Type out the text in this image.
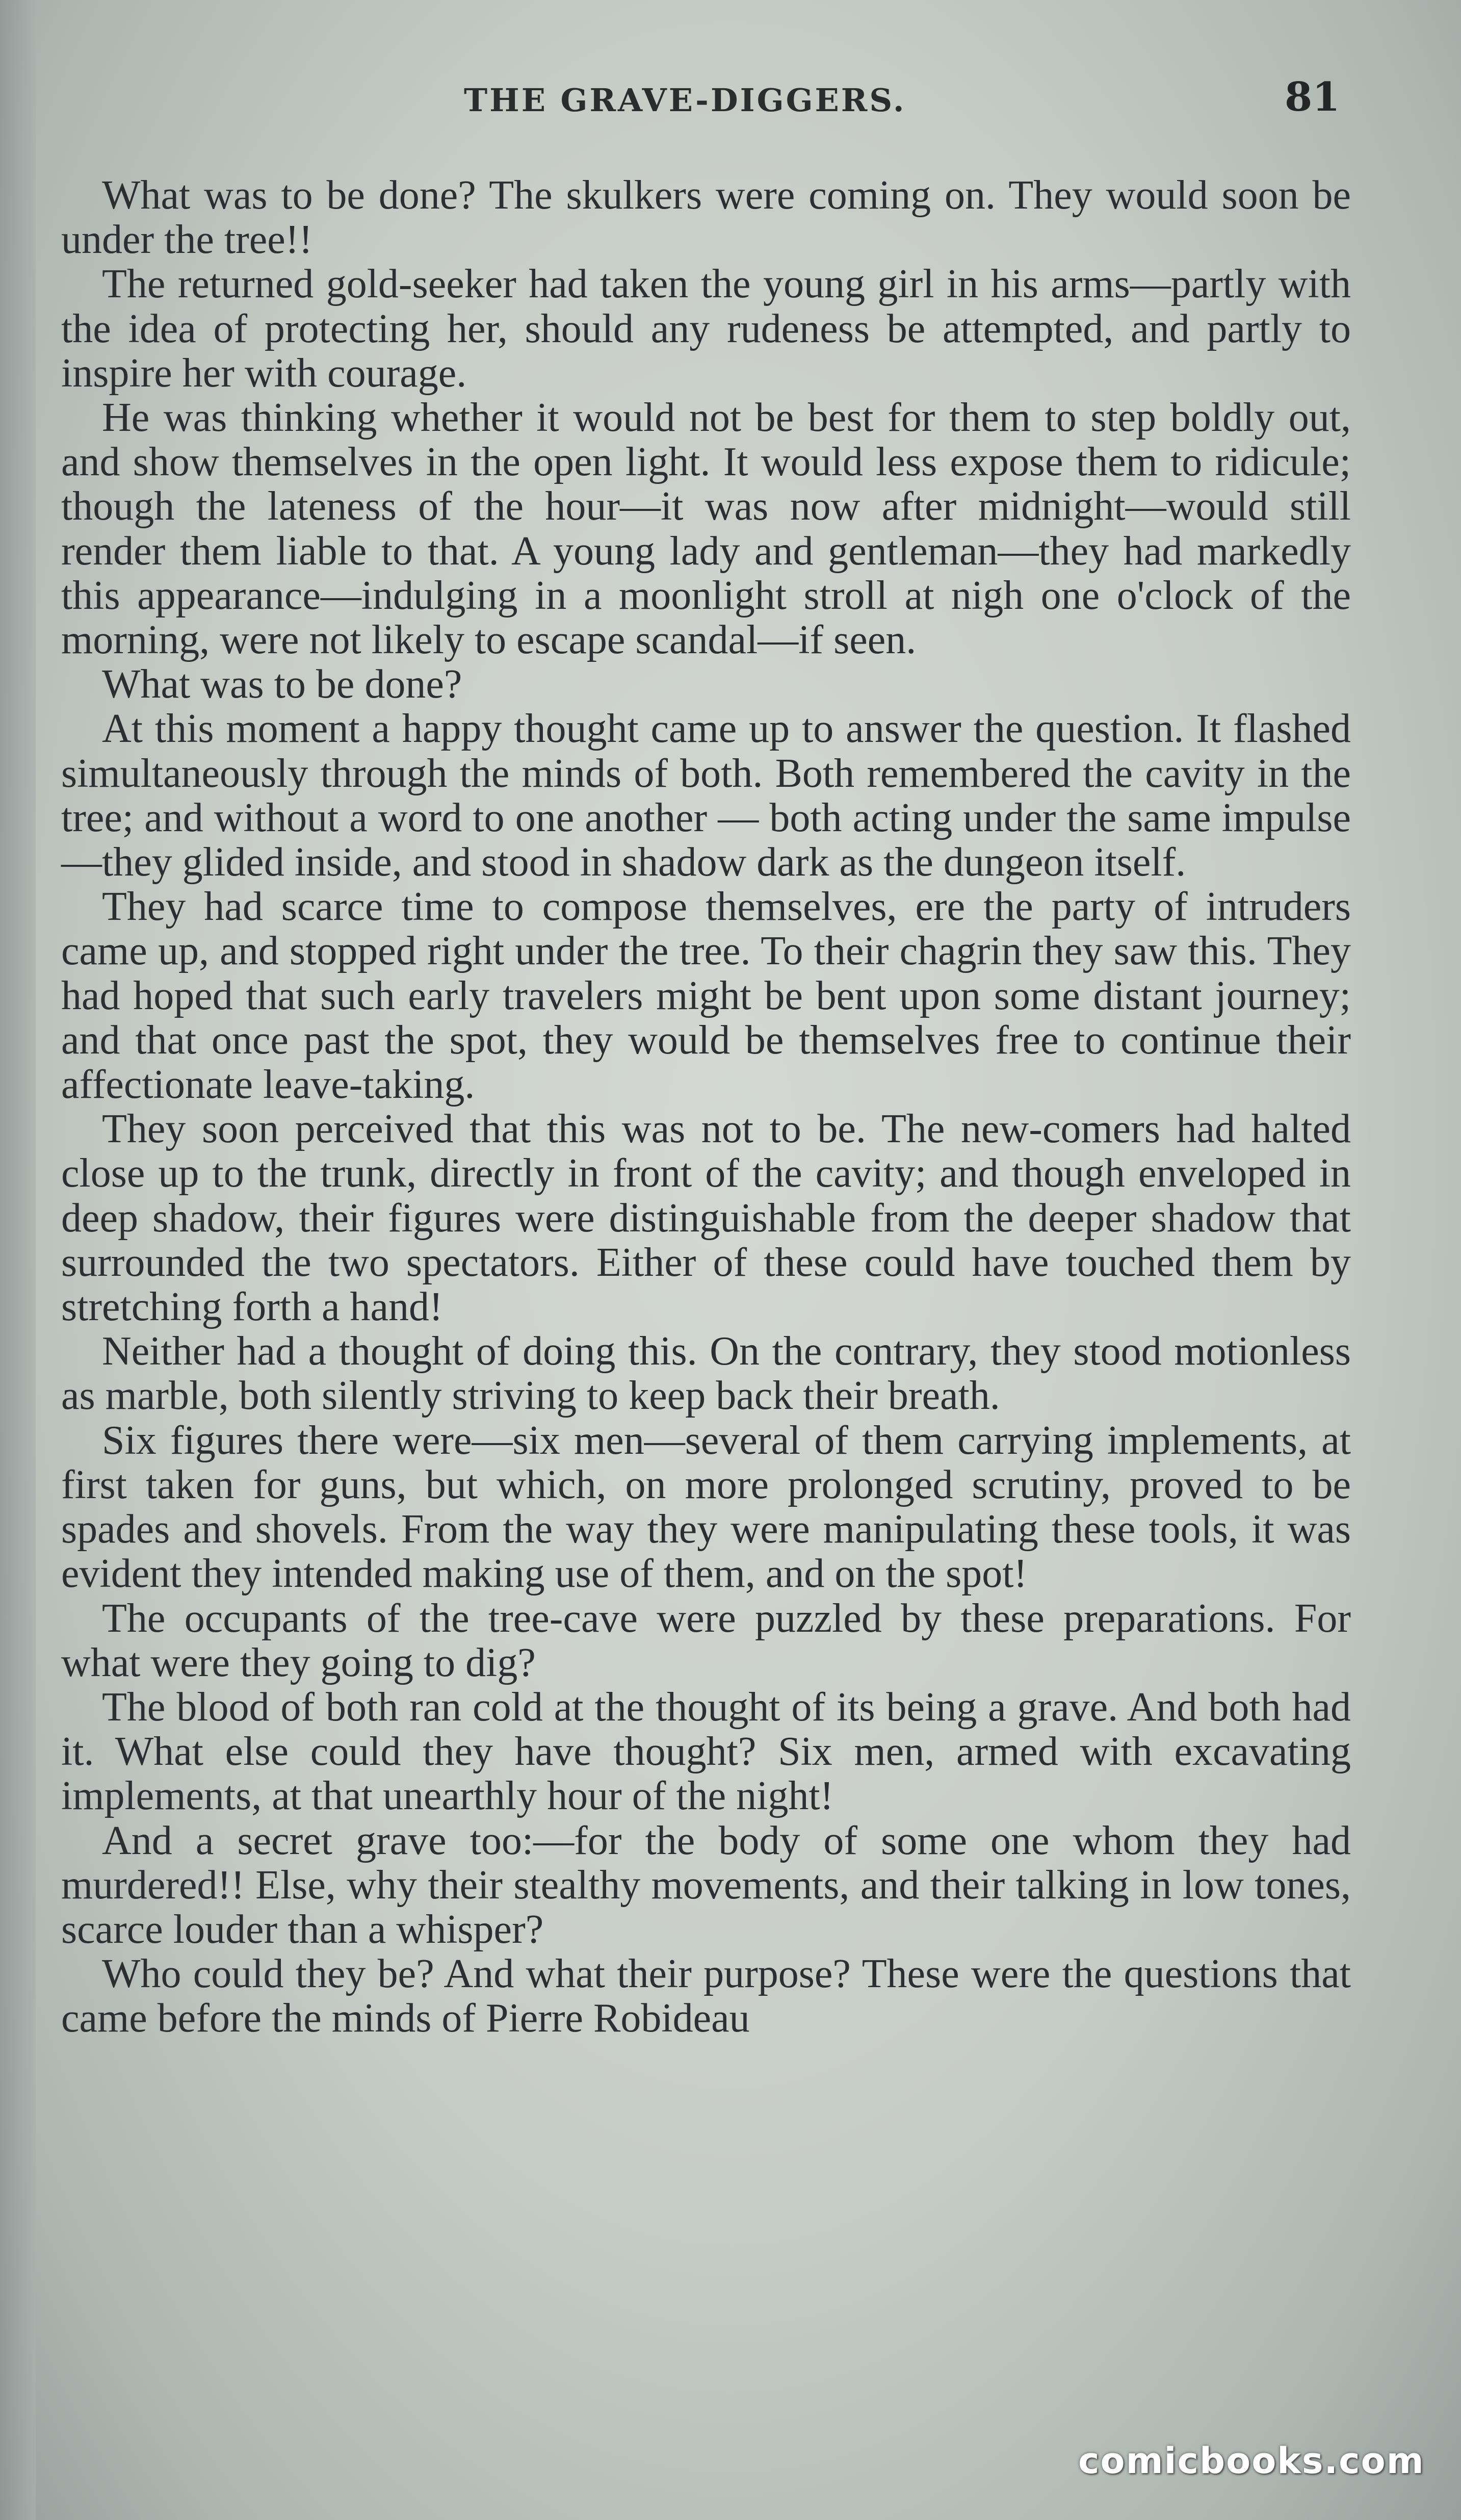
THE GRAVE-DIGGERS.	81

What was to be done? The skulkers were coming on. They would soon be under the tree!!

The returned gold-seeker had taken the young girl in his arms—partly with the idea of protecting her, should any rudeness be attempted, and partly to inspire her with courage.

He was thinking whether it would not be best for them to step boldly out, and show themselves in the open light. It would less expose them to ridicule; though the lateness of the hour—it was now after midnight—would still render them liable to that. A young lady and gentleman—they had markedly this appearance—indulging in a moonlight stroll at nigh one o'clock of the morning, were not likely to escape scandal—if seen.

What was to be done?

At this moment a happy thought came up to answer the question. It flashed simultaneously through the minds of both. Both remembered the cavity in the tree; and without a word to one another — both acting under the same impulse—they glided inside, and stood in shadow dark as the dungeon itself.

They had scarce time to compose themselves, ere the party of intruders came up, and stopped right under the tree. To their chagrin they saw this. They had hoped that such early travelers might be bent upon some distant journey; and that once past the spot, they would be themselves free to continue their affectionate leave-taking.

They soon perceived that this was not to be. The new-comers had halted close up to the trunk, directly in front of the cavity; and though enveloped in deep shadow, their figures were distinguishable from the deeper shadow that surrounded the two spectators. Either of these could have touched them by stretching forth a hand!

Neither had a thought of doing this. On the contrary, they stood motionless as marble, both silently striving to keep back their breath.

Six figures there were—six men—several of them carrying implements, at first taken for guns, but which, on more prolonged scrutiny, proved to be spades and shovels. From the way they were manipulating these tools, it was evident they intended making use of them, and on the spot!

The occupants of the tree-cave were puzzled by these preparations. For what were they going to dig?

The blood of both ran cold at the thought of its being a grave. And both had it. What else could they have thought? Six men, armed with excavating implements, at that unearthly hour of the night!

And a secret grave too:—for the body of some one whom they had murdered!! Else, why their stealthy movements, and their talking in low tones, scarce louder than a whisper?

Who could they be? And what their purpose? These were the questions that came before the minds of Pierre Robideau

comicbooks.com
